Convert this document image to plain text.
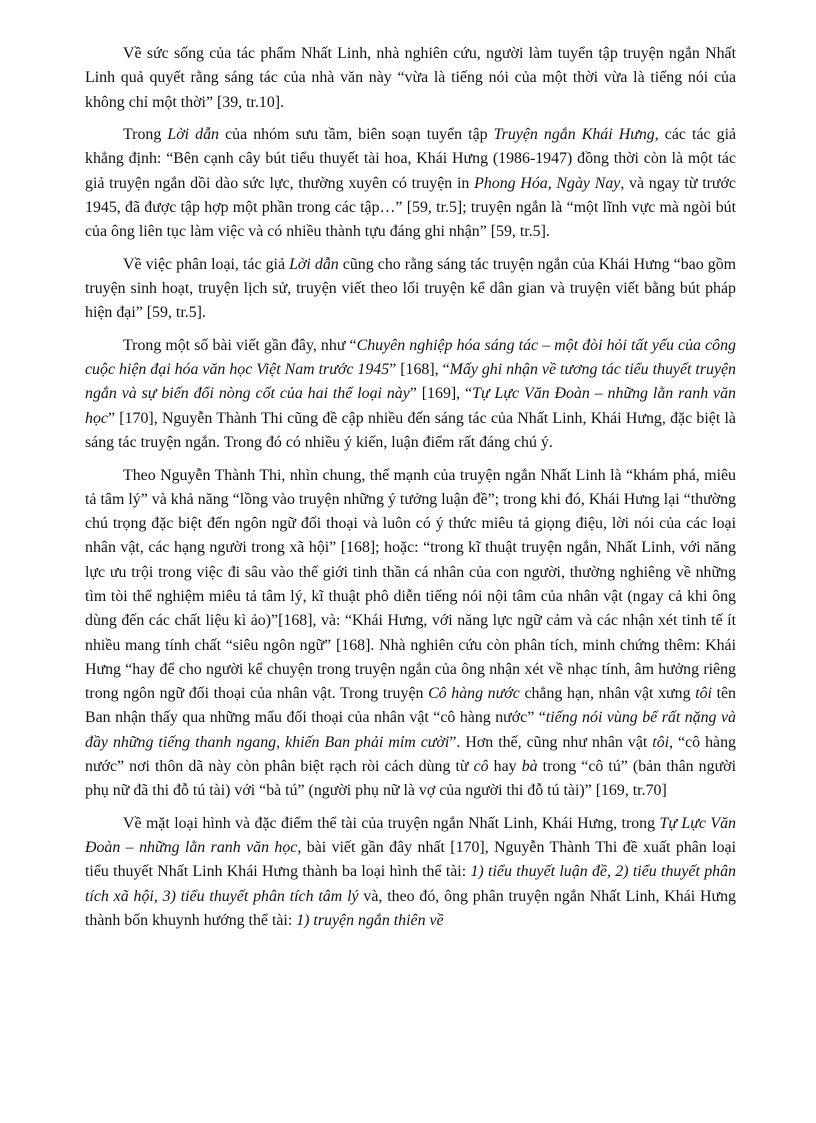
Về sức sống của tác phẩm Nhất Linh, nhà nghiên cứu, người làm tuyển tập truyện ngắn Nhất Linh quả quyết rằng sáng tác của nhà văn này “vừa là tiếng nói của một thời vừa là tiếng nói của không chỉ một thời” [39, tr.10].

Trong Lời dẫn của nhóm sưu tầm, biên soạn tuyển tập Truyện ngắn Khái Hưng, các tác giả khẳng định: “Bên cạnh cây bút tiểu thuyết tài hoa, Khái Hưng (1986-1947) đồng thời còn là một tác giả truyện ngắn dồi dào sức lực, thường xuyên có truyện in Phong Hóa, Ngày Nay, và ngay từ trước 1945, đã được tập hợp một phần trong các tập…” [59, tr.5]; truyện ngắn là “một lĩnh vực mà ngòi bút của ông liên tục làm việc và có nhiều thành tựu đáng ghi nhận” [59, tr.5].

Về việc phân loại, tác giả Lời dẫn cũng cho rằng sáng tác truyện ngắn của Khái Hưng “bao gồm truyện sinh hoạt, truyện lịch sử, truyện viết theo lối truyện kể dân gian và truyện viết bằng bút pháp hiện đại” [59, tr.5].

Trong một số bài viết gần đây, như “Chuyên nghiệp hóa sáng tác – một đòi hỏi tất yếu của công cuộc hiện đại hóa văn học Việt Nam trước 1945” [168], “Mấy ghi nhận về tương tác tiểu thuyết truyện ngắn và sự biến đổi nòng cốt của hai thể loại này” [169], “Tự Lực Văn Đoàn – những lằn ranh văn học” [170], Nguyễn Thành Thi cũng đề cập nhiều đến sáng tác của Nhất Linh, Khái Hưng, đặc biệt là sáng tác truyện ngắn. Trong đó có nhiều ý kiến, luận điểm rất đáng chú ý.

Theo Nguyễn Thành Thi, nhìn chung, thế mạnh của truyện ngắn Nhất Linh là “khám phá, miêu tả tâm lý” và khả năng “lồng vào truyện những ý tưởng luận đề”; trong khi đó, Khái Hưng lại “thường chú trọng đặc biệt đến ngôn ngữ đối thoại và luôn có ý thức miêu tả giọng điệu, lời nói của các loại nhân vật, các hạng người trong xã hội” [168]; hoặc: “trong kĩ thuật truyện ngắn, Nhất Linh, với năng lực ưu trội trong việc đi sâu vào thế giới tinh thần cá nhân của con người, thường nghiêng về những tìm tòi thể nghiệm miêu tả tâm lý, kĩ thuật phô diễn tiếng nói nội tâm của nhân vật (ngay cả khi ông dùng đến các chất liệu kì ảo)”[168], và: “Khái Hưng, với năng lực ngữ cảm và các nhận xét tinh tế ít nhiều mang tính chất “siêu ngôn ngữ” [168]. Nhà nghiên cứu còn phân tích, minh chứng thêm: Khái Hưng “hay để cho người kể chuyện trong truyện ngắn của ông nhận xét về nhạc tính, âm hưởng riêng trong ngôn ngữ đối thoại của nhân vật. Trong truyện Cô hàng nước chẳng hạn, nhân vật xưng tôi tên Ban nhận thấy qua những mẩu đối thoại của nhân vật “cô hàng nước” “tiếng nói vùng bể rất nặng và đầy những tiếng thanh ngang, khiến Ban phải mỉm cười”. Hơn thế, cũng như nhân vật tôi, “cô hàng nước” nơi thôn dã này còn phân biệt rạch ròi cách dùng từ cô hay bà trong “cô tú” (bản thân người phụ nữ đã thi đỗ tú tài) với “bà tú” (người phụ nữ là vợ của người thi đỗ tú tài)” [169, tr.70]

Về mặt loại hình và đặc điểm thể tài của truyện ngắn Nhất Linh, Khái Hưng, trong Tự Lực Văn Đoàn – những lằn ranh văn học, bài viết gần đây nhất [170], Nguyễn Thành Thi đề xuất phân loại tiểu thuyết Nhất Linh Khái Hưng thành ba loại hình thể tài: 1) tiểu thuyết luận đề, 2) tiểu thuyết phân tích xã hội, 3) tiểu thuyết phân tích tâm lý và, theo đó, ông phân truyện ngắn Nhất Linh, Khái Hưng thành bốn khuynh hướng thể tài: 1) truyện ngắn thiên về
